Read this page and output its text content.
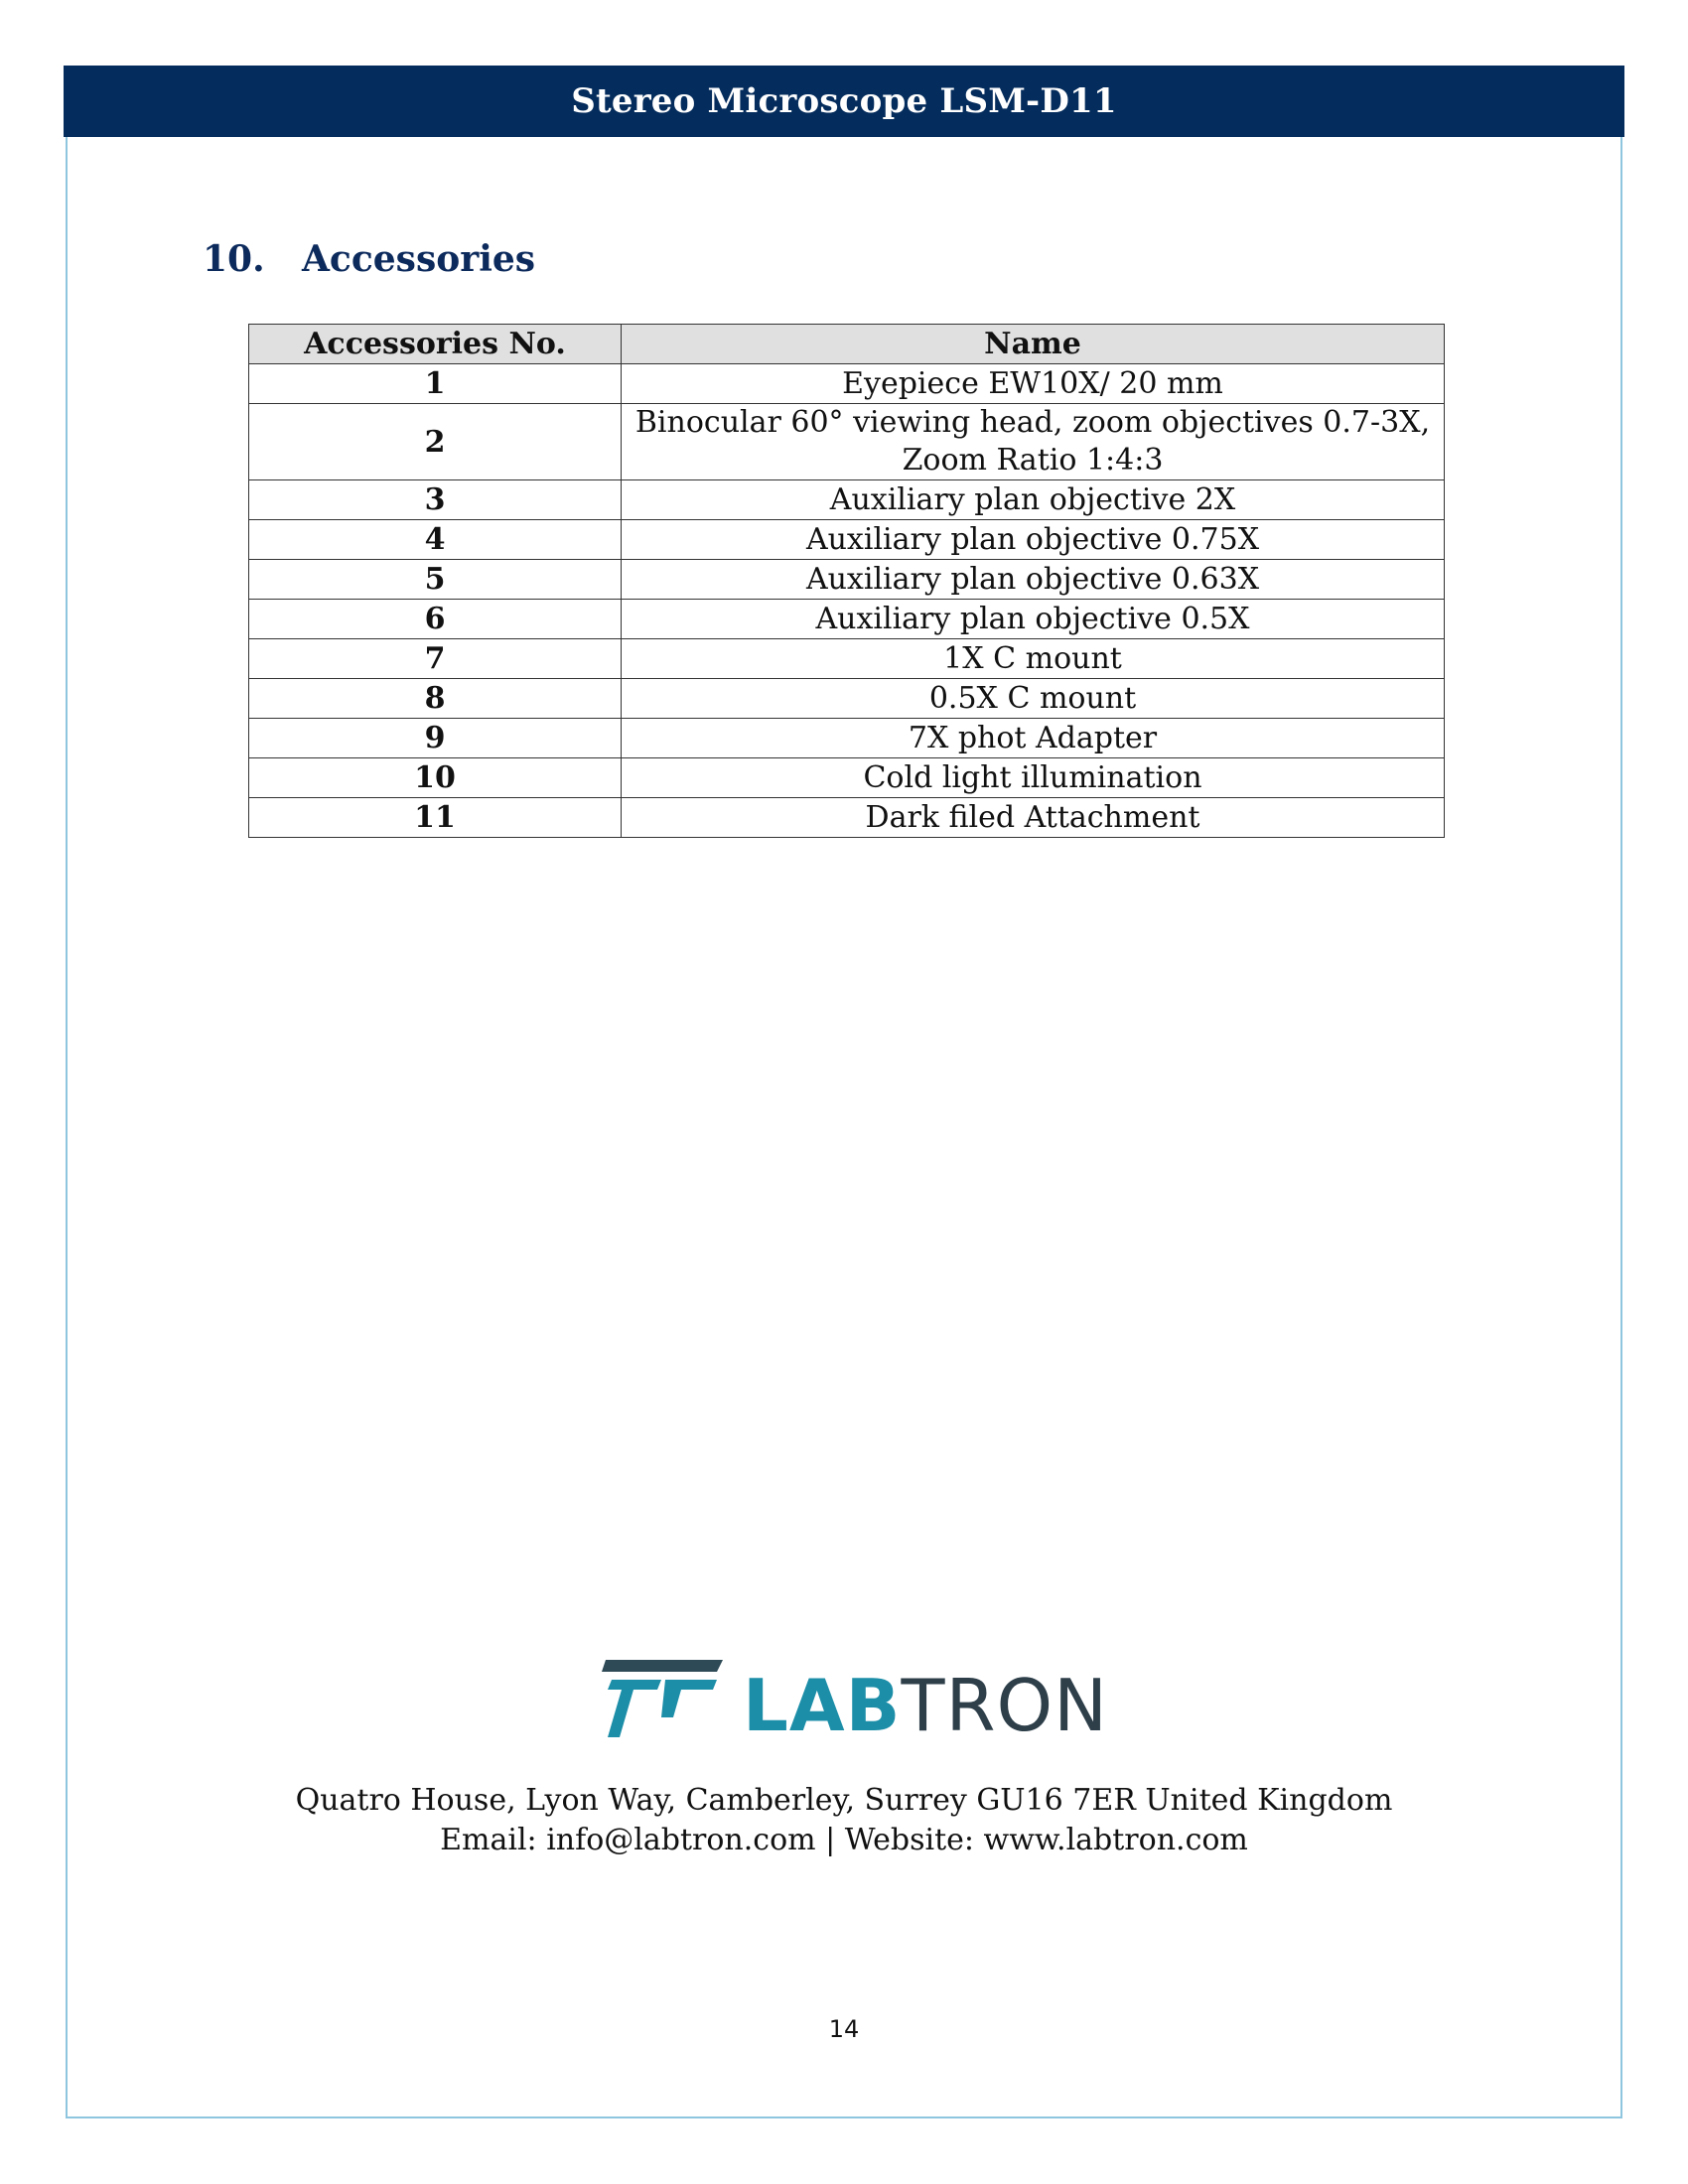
Stereo Microscope LSM-D11
10.	Accessories
Accessories No.	Name
1	Eyepiece EW10X/ 20 mm
2	Binocular 60° viewing head, zoom objectives 0.7-3X,
Zoom Ratio 1:4:3
3	Auxiliary plan objective 2X
4	Auxiliary plan objective 0.75X
5	Auxiliary plan objective 0.63X
6	Auxiliary plan objective 0.5X
7	1X C mount
8	0.5X C mount
9	7X phot Adapter
10	Cold light illumination
11	Dark filed Attachment
LABTRON
Quatro House, Lyon Way, Camberley, Surrey GU16 7ER United Kingdom
Email: info@labtron.com | Website: www.labtron.com
14
